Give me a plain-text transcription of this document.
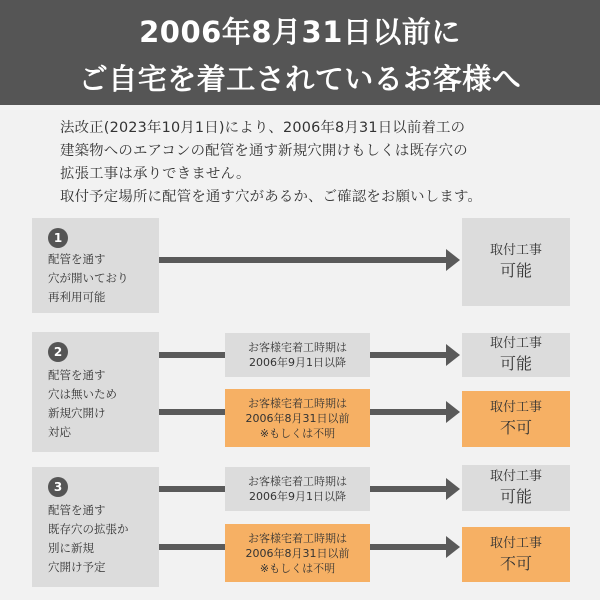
2006年8月31日以前に
ご自宅を着工されているお客様へ
法改正(2023年10月1日)により、2006年8月31日以前着工の
建築物へのエアコンの配管を通す新規穴開けもしくは既存穴の
拡張工事は承りできません。
取付予定場所に配管を通す穴があるか、ご確認をお願いします。
1
配管を通す
穴が開いており
再利用可能
取付工事
可能
2
配管を通す
穴は無いため
新規穴開け
対応
お客様宅着工時期は
2006年9月1日以降
お客様宅着工時期は
2006年8月31日以前
※もしくは不明
取付工事
可能
取付工事
不可
3
配管を通す
既存穴の拡張か
別に新規
穴開け予定
お客様宅着工時期は
2006年9月1日以降
お客様宅着工時期は
2006年8月31日以前
※もしくは不明
取付工事
可能
取付工事
不可
